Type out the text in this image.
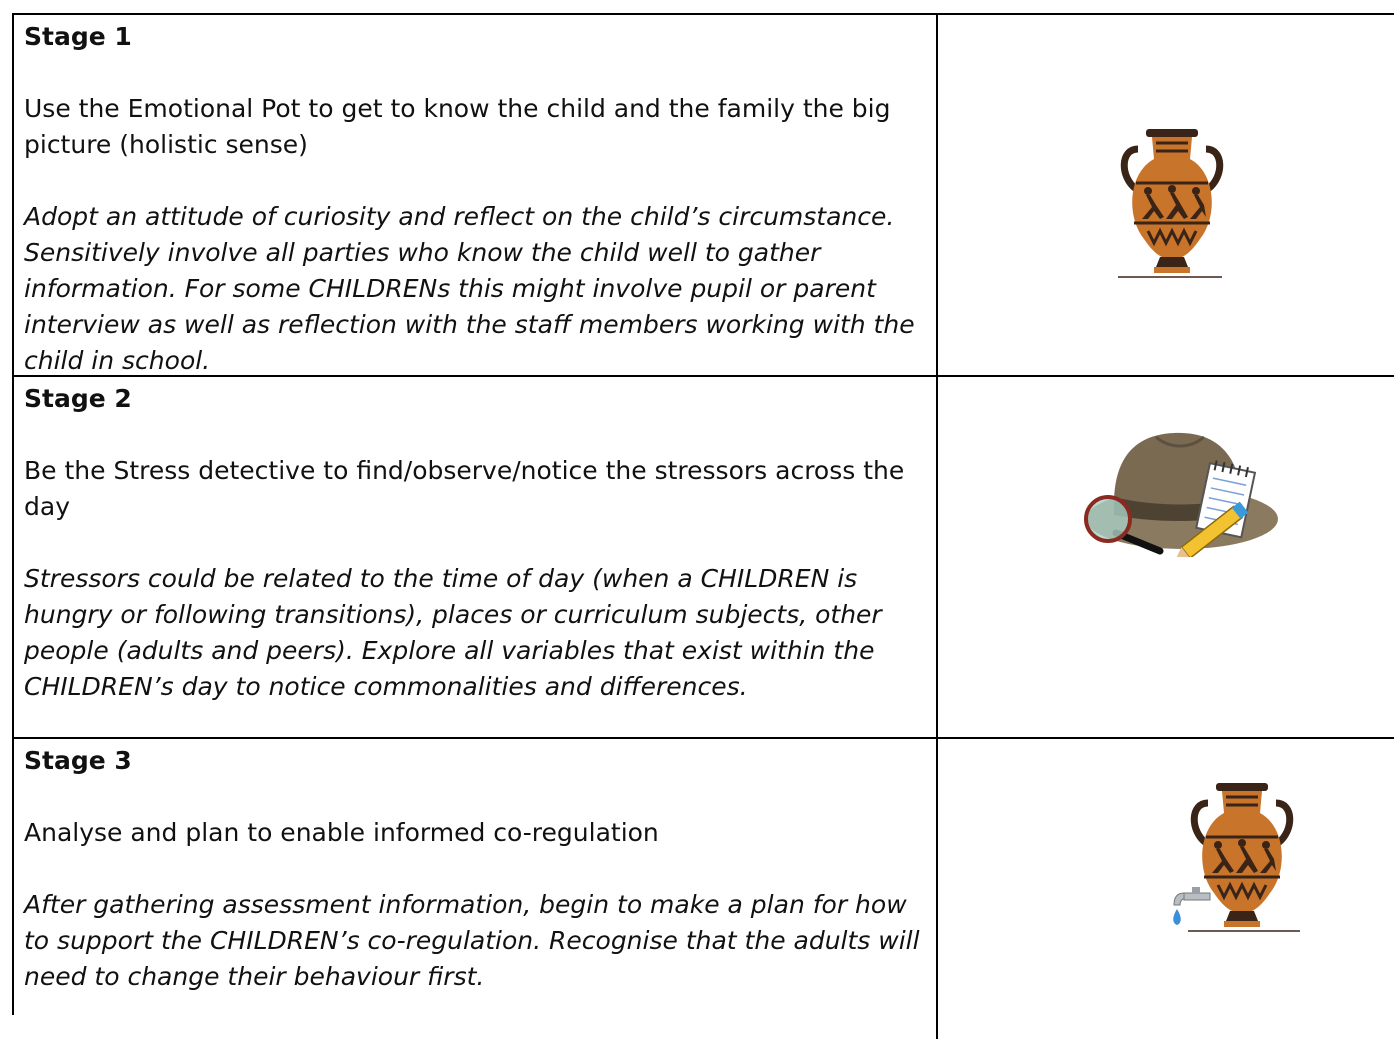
Stage 1

Use the Emotional Pot to get to know the child and the family the big picture (holistic sense)

Adopt an attitude of curiosity and reflect on the child’s circumstance. Sensitively involve all parties who know the child well to gather information. For some CHILDRENs this might involve pupil or parent interview as well as reflection with the staff members working with the child in school.

Stage 2

Be the Stress detective to find/observe/notice the stressors across the day

Stressors could be related to the time of day (when a CHILDREN is hungry or following transitions), places or curriculum subjects, other people (adults and peers). Explore all variables that exist within the CHILDREN’s day to notice commonalities and differences.

Stage 3

Analyse and plan to enable informed co-regulation

After gathering assessment information, begin to make a plan for how to support the CHILDREN’s co-regulation. Recognise that the adults will need to change their behaviour first.
